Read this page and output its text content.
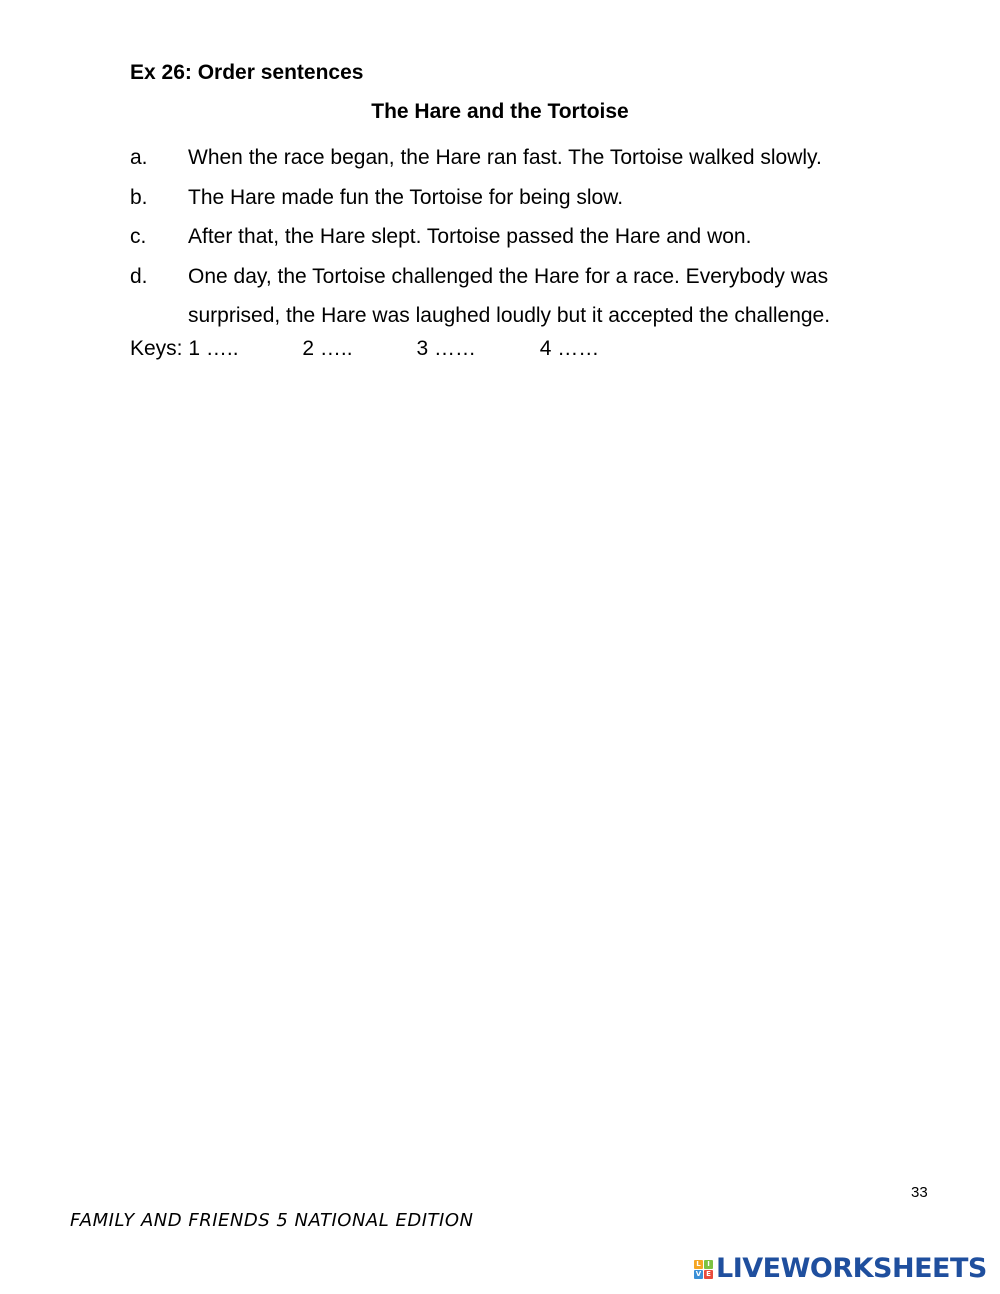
Ex 26: Order sentences
The Hare and the Tortoise
a.	When the race began, the Hare ran fast. The Tortoise walked slowly.
b.	The Hare made fun the Tortoise for being slow.
c.	After that, the Hare slept. Tortoise passed the Hare and won.
d.	One day, the Tortoise challenged the Hare for a race. Everybody was surprised, the Hare was laughed loudly but it accepted the challenge.
Keys: 1 …..	2 …..	3 ……	4 ……
33
FAMILY AND FRIENDS 5 NATIONAL EDITION
L I
V E LIVEWORKSHEETS
